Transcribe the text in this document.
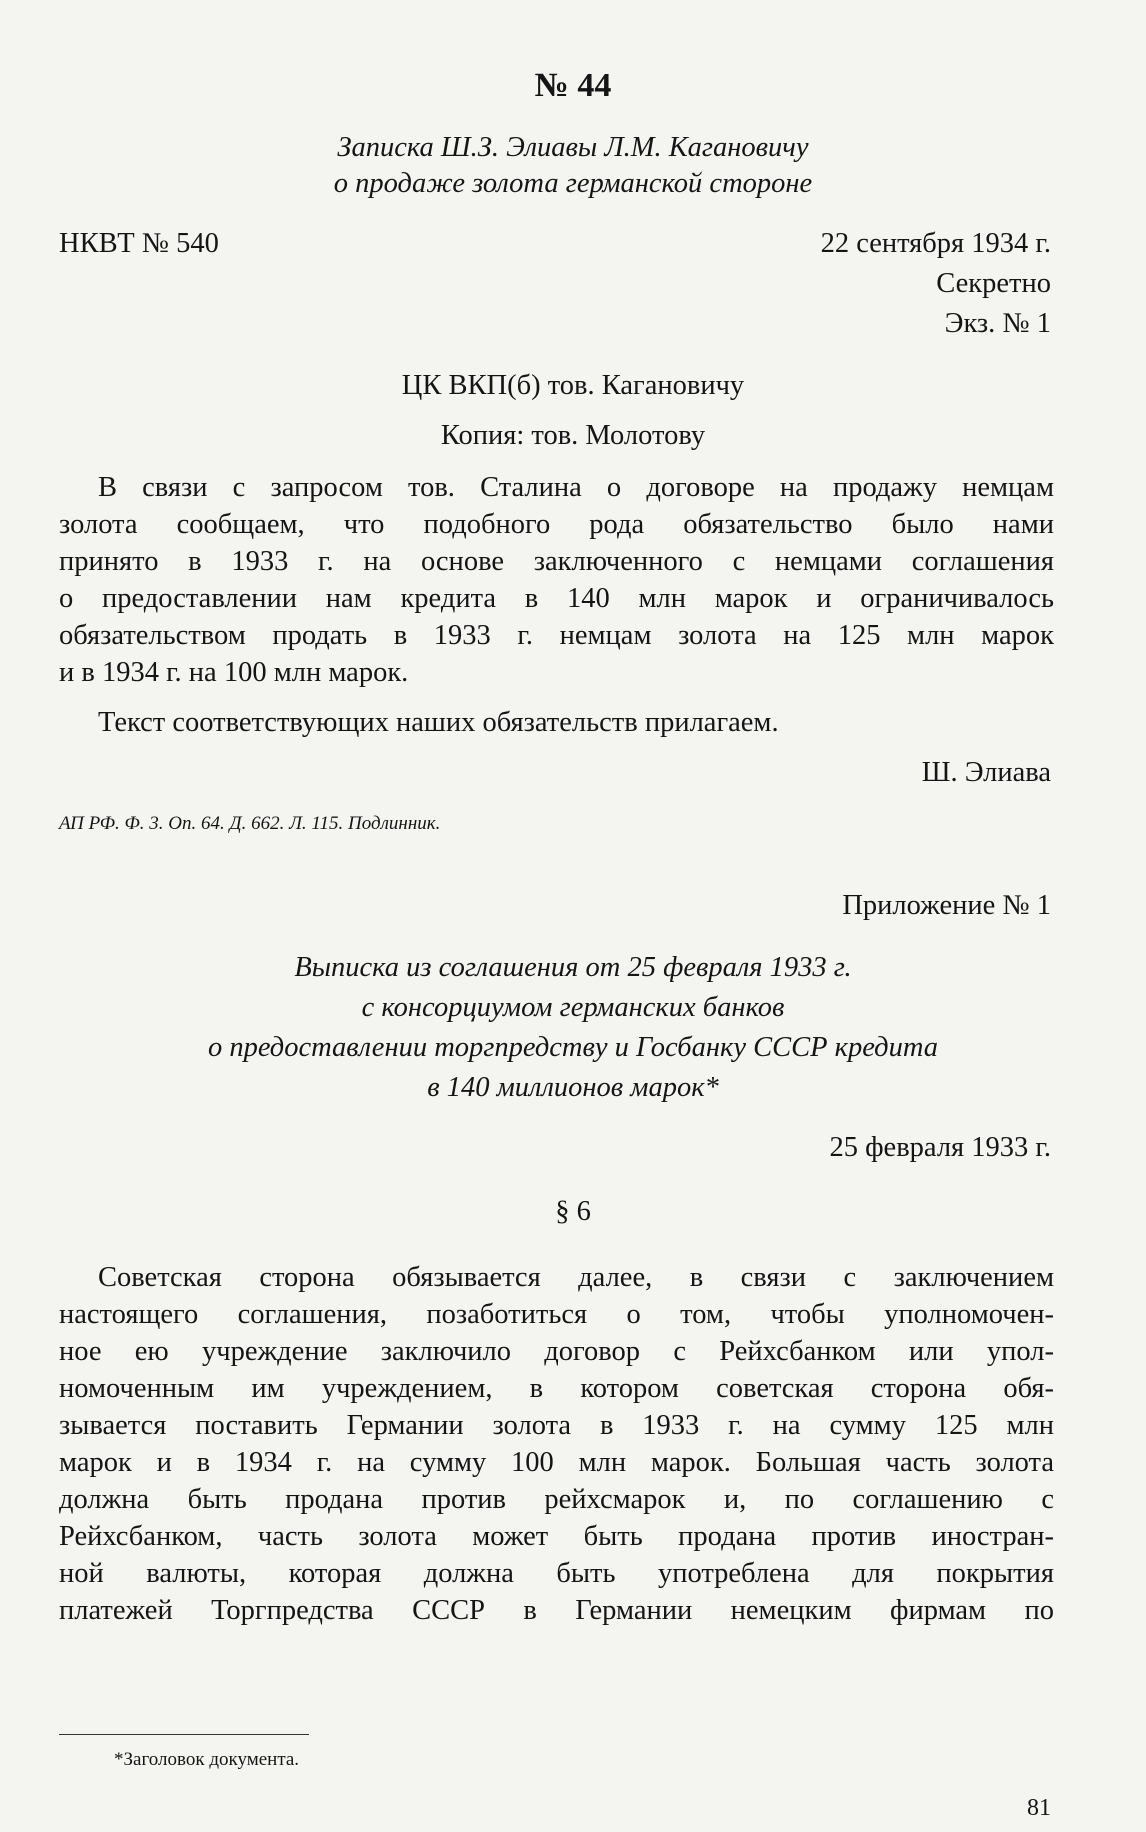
№ 44
Записка Ш.З. Элиавы Л.М. Кагановичу
о продаже золота германской стороне
НКВТ № 540	22 сентября 1934 г.
Секретно
Экз. № 1
ЦК ВКП(б) тов. Кагановичу
Копия: тов. Молотову
В связи с запросом тов. Сталина о договоре на продажу немцам
золота сообщаем, что подобного рода обязательство было нами
принято в 1933 г. на основе заключенного с немцами соглашения
о предоставлении нам кредита в 140 млн марок и ограничивалось
обязательством продать в 1933 г. немцам золота на 125 млн марок
и в 1934 г. на 100 млн марок.
Текст соответствующих наших обязательств прилагаем.
Ш. Элиава
АП РФ. Ф. 3. Оп. 64. Д. 662. Л. 115. Подлинник.
Приложение № 1
Выписка из соглашения от 25 февраля 1933 г.
с консорциумом германских банков
о предоставлении торгпредству и Госбанку СССР кредита
в 140 миллионов марок*
25 февраля 1933 г.
§ 6
Советская сторона обязывается далее, в связи с заключением
настоящего соглашения, позаботиться о том, чтобы уполномочен-
ное ею учреждение заключило договор с Рейхсбанком или упол-
номоченным им учреждением, в котором советская сторона обя-
зывается поставить Германии золота в 1933 г. на сумму 125 млн
марок и в 1934 г. на сумму 100 млн марок. Большая часть золота
должна быть продана против рейхсмарок и, по соглашению с
Рейхсбанком, часть золота может быть продана против иностран-
ной валюты, которая должна быть употреблена для покрытия
платежей Торгпредства СССР в Германии немецким фирмам по
*Заголовок документа.
81
